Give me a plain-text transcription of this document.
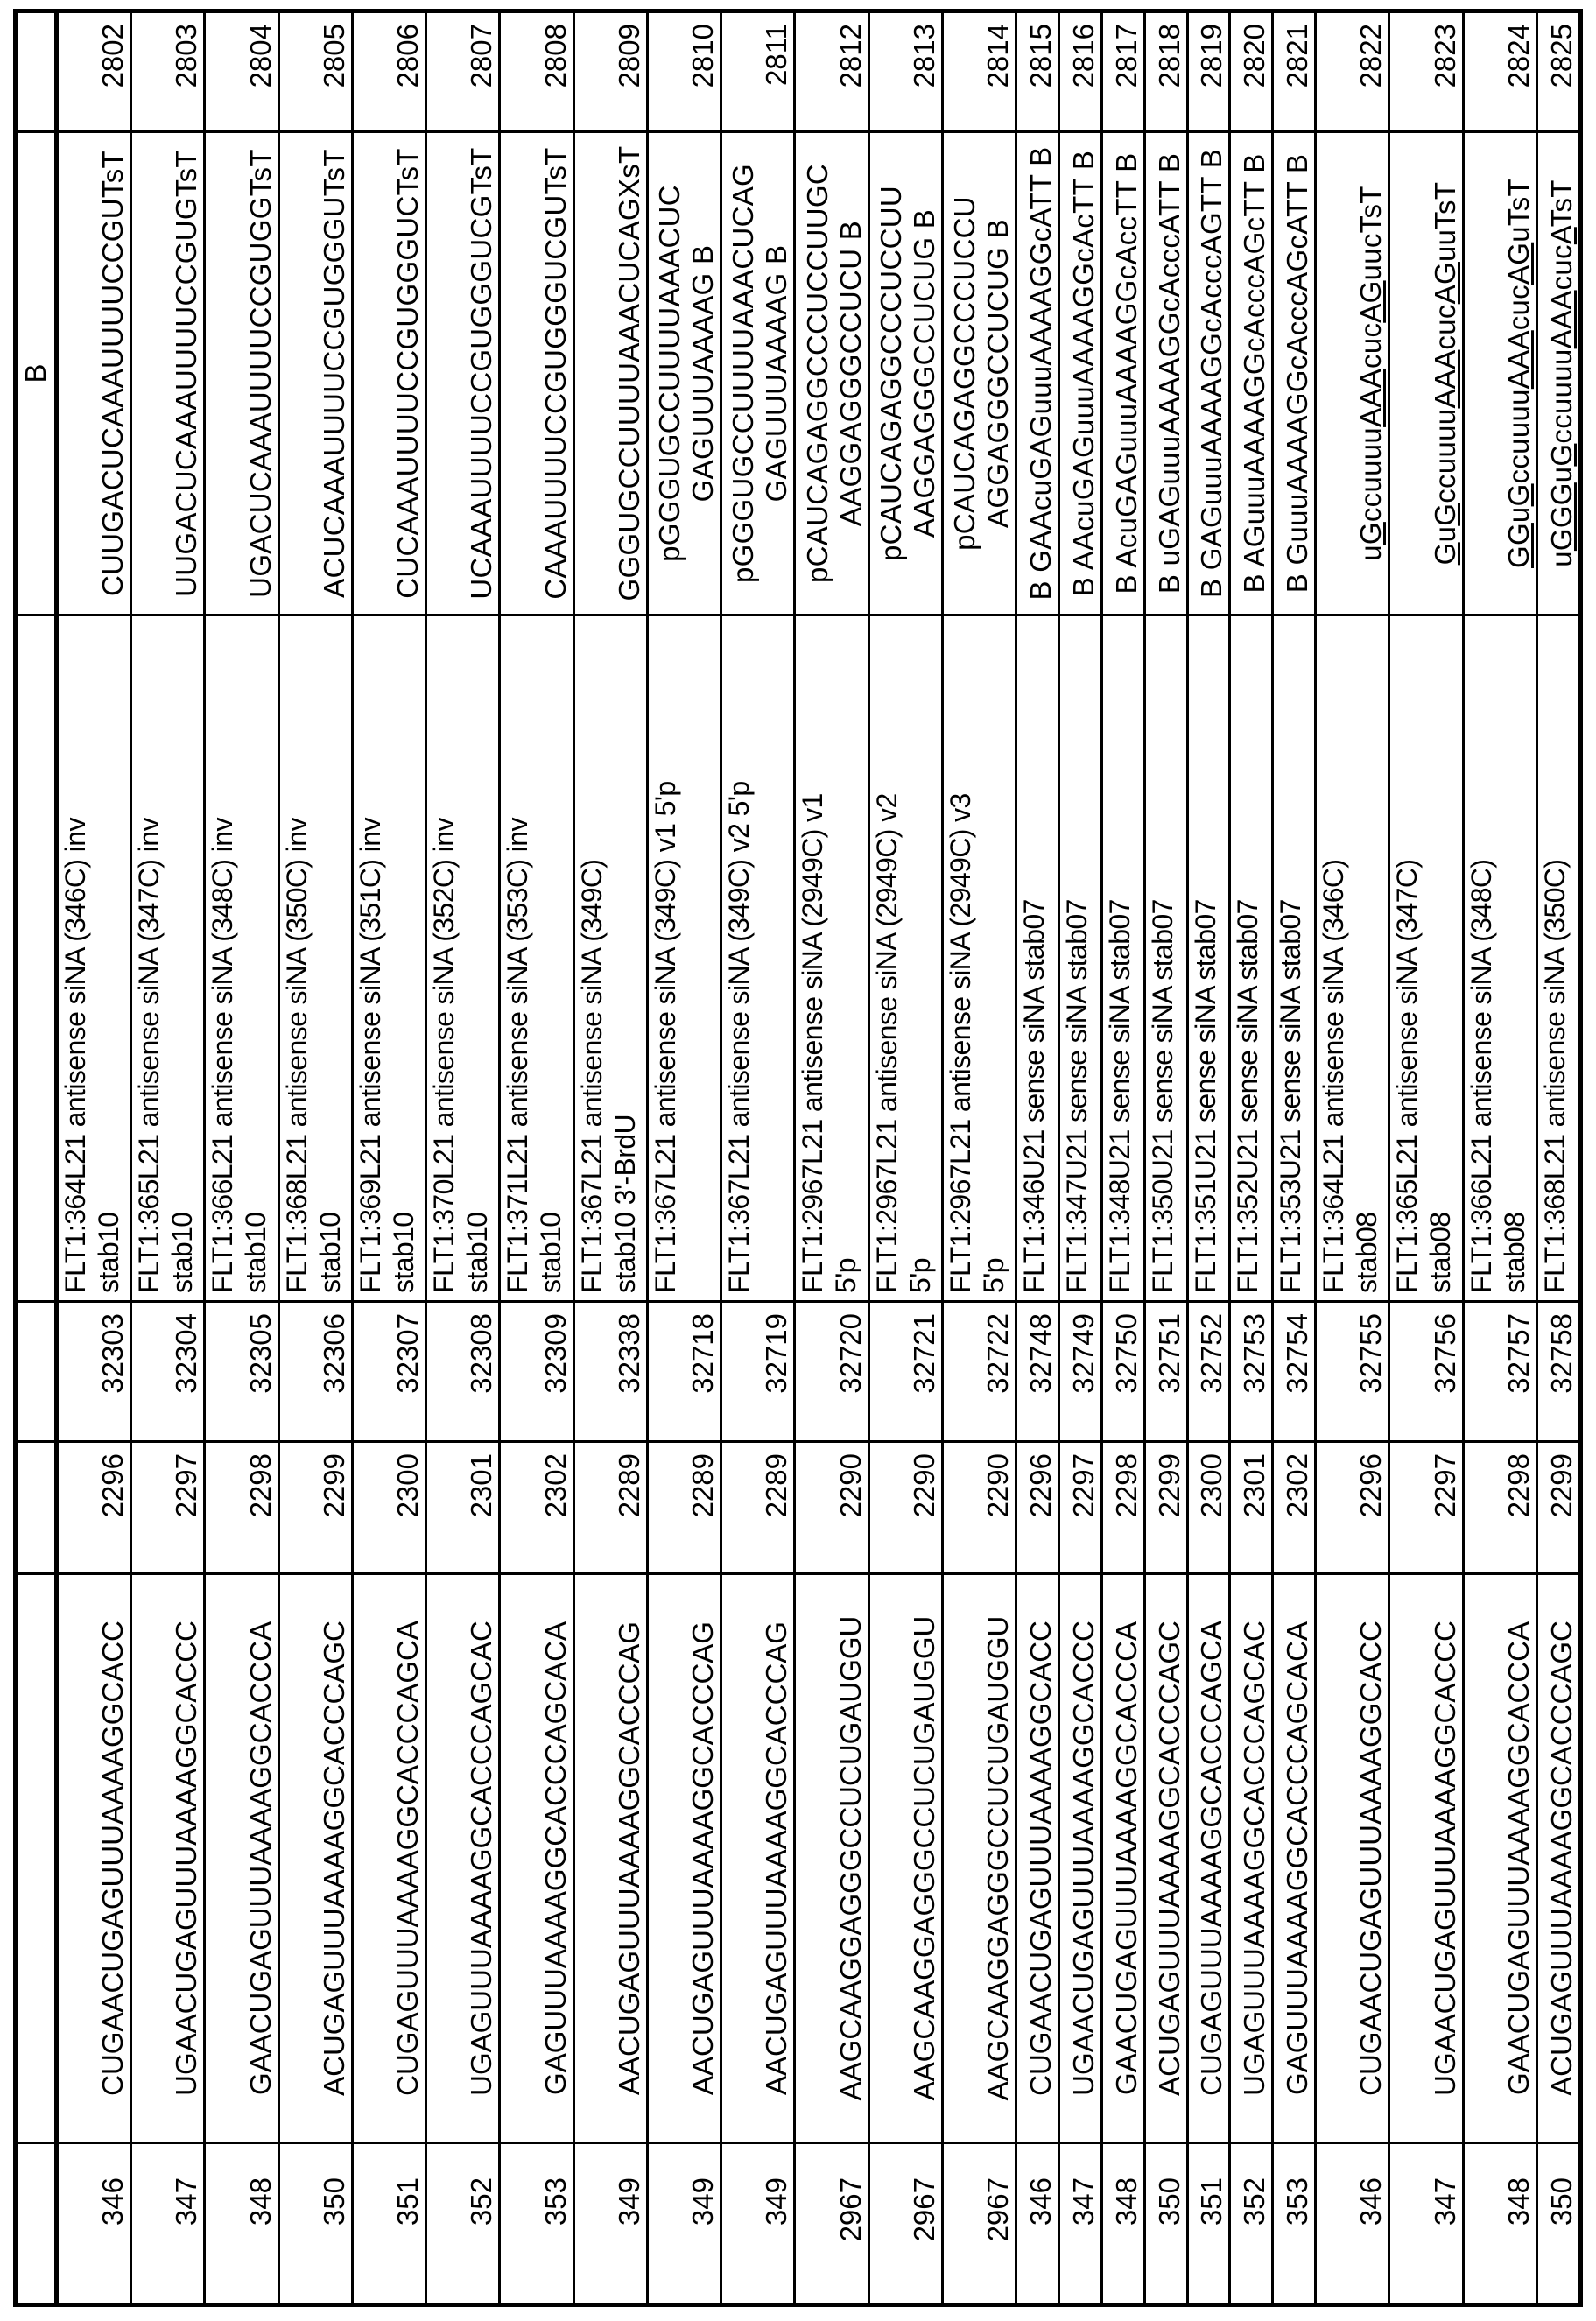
					B	
346	CUGAACUGAGUUUAAAAGGCACC	2296	32303	FLT1:364L21 antisense siNA (346C) inv
stab10	CUUGACUCAAAUUUUCCGUTsT	2802
347	UGAACUGAGUUUAAAAGGCACCC	2297	32304	FLT1:365L21 antisense siNA (347C) inv
stab10	UUGACUCAAAUUUUCCGUGTsT	2803
348	GAACUGAGUUUAAAAGGCACCCA	2298	32305	FLT1:366L21 antisense siNA (348C) inv
stab10	UGACUCAAAUUUUCCGUGGTsT	2804
350	ACUGAGUUUAAAAGGCACCCAGC	2299	32306	FLT1:368L21 antisense siNA (350C) inv
stab10	ACUCAAAUUUUCCGUGGGUTsT	2805
351	CUGAGUUUAAAAGGCACCCAGCA	2300	32307	FLT1:369L21 antisense siNA (351C) inv
stab10	CUCAAAUUUUCCGUGGGUCTsT	2806
352	UGAGUUUAAAAGGCACCCAGCAC	2301	32308	FLT1:370L21 antisense siNA (352C) inv
stab10	UCAAAUUUUCCGUGGGUCGTsT	2807
353	GAGUUUAAAAGGCACCCAGCACA	2302	32309	FLT1:371L21 antisense siNA (353C) inv
stab10	CAAAUUUUCCGUGGGUCGUTsT	2808
349	AACUGAGUUUAAAAGGCACCCAG	2289	32338	FLT1:367L21 antisense siNA (349C)
stab10 3'-BrdU	GGGUGCCUUUUAAACUCAGXsT	2809
349	AACUGAGUUUAAAAGGCACCCAG	2289	32718	FLT1:367L21 antisense siNA (349C) v1 5'p	pGGGUGCCUUUUAAACUC
GAGUUUAAAAG B	2810
349	AACUGAGUUUAAAAGGCACCCAG	2289	32719	FLT1:367L21 antisense siNA (349C) v2 5'p	pGGGUGCCUUUUAAACUCAG
GAGUUUAAAAG B	2811
2967	AAGCAAGGAGGGCCUCUGAUGGU	2290	32720	FLT1:2967L21 antisense siNA (2949C) v1
5'p	pCAUCAGAGGCCCUCCUUGC
AAGGAGGGCCUCU B	2812
2967	AAGCAAGGAGGGCCUCUGAUGGU	2290	32721	FLT1:2967L21 antisense siNA (2949C) v2
5'p	pCAUCAGAGGCCCUCCUU
AAGGAGGGCCUCUG B	2813
2967	AAGCAAGGAGGGCCUCUGAUGGU	2290	32722	FLT1:2967L21 antisense siNA (2949C) v3
5'p	pCAUCAGAGGCCCUCCU
AGGAGGGCCUCUG B	2814
346	CUGAACUGAGUUUAAAAGGCACC	2296	32748	FLT1:346U21 sense siNA stab07	B GAAcuGAGuuuAAAAGGcATT B	2815
347	UGAACUGAGUUUAAAAGGCACCC	2297	32749	FLT1:347U21 sense siNA stab07	B AAcuGAGuuuAAAAGGcAcTT B	2816
348	GAACUGAGUUUAAAAGGCACCCA	2298	32750	FLT1:348U21 sense siNA stab07	B AcuGAGuuuAAAAGGcAccTT B	2817
350	ACUGAGUUUAAAAGGCACCCAGC	2299	32751	FLT1:350U21 sense siNA stab07	B uGAGuuuAAAAGGcAcccATT B	2818
351	CUGAGUUUAAAAGGCACCCAGCA	2300	32752	FLT1:351U21 sense siNA stab07	B GAGuuuAAAAGGcAcccAGTT B	2819
352	UGAGUUUAAAAGGCACCCAGCAC	2301	32753	FLT1:352U21 sense siNA stab07	B AGuuuAAAAGGcAcccAGcTT B	2820
353	GAGUUUAAAAGGCACCCAGCACA	2302	32754	FLT1:353U21 sense siNA stab07	B GuuuAAAAGGcAcccAGcATT B	2821
346	CUGAACUGAGUUUAAAAGGCACC	2296	32755	FLT1:364L21 antisense siNA (346C)
stab08	uGccuuuuAAAcucAGuucTsT	2822
347	UGAACUGAGUUUAAAAGGCACCC	2297	32756	FLT1:365L21 antisense siNA (347C)
stab08	GuGccuuuuAAAcucAGuuTsT	2823
348	GAACUGAGUUUAAAAGGCACCCA	2298	32757	FLT1:366L21 antisense siNA (348C)
stab08	GGuGccuuuuAAAcucAGuTsT	2824
350	ACUGAGUUUAAAAGGCACCCAGC	2299	32758	FLT1:368L21 antisense siNA (350C)	uGGGuGccuuuuAAAcucATsT	2825
